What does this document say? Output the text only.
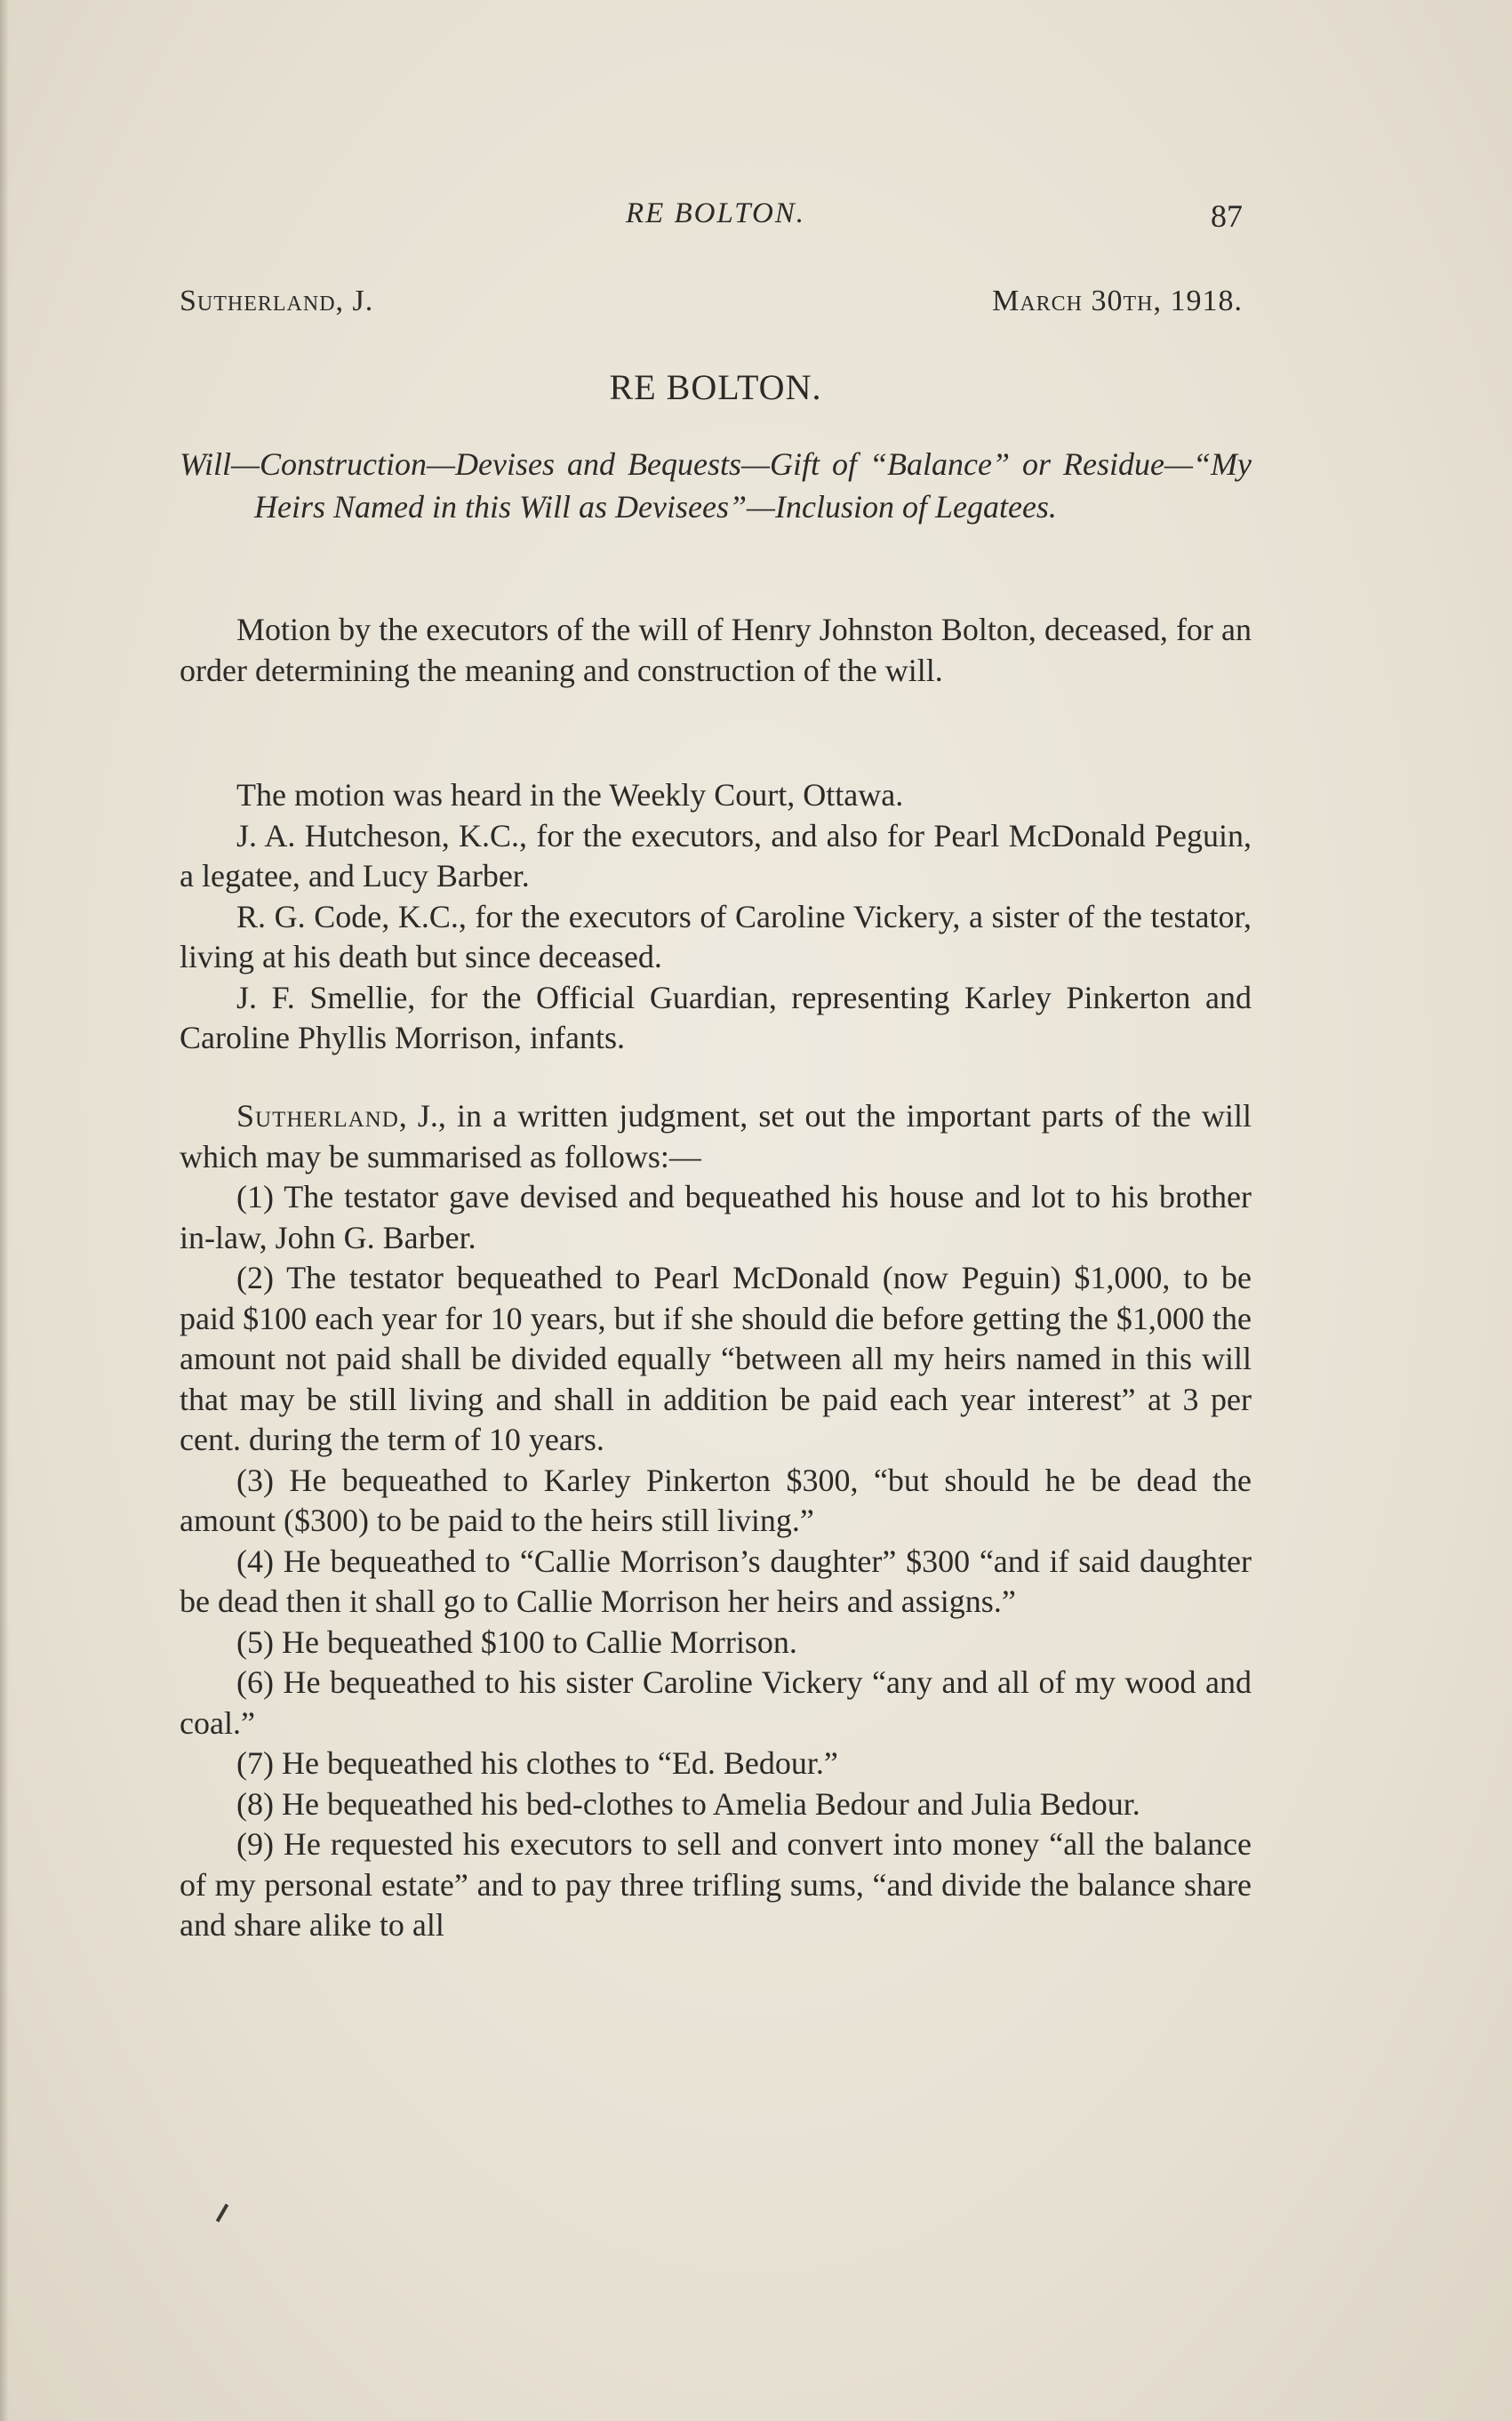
RE BOLTON.	87
Sutherland, J.	March 30th, 1918.
RE BOLTON.
Will—Construction—Devises and Bequests—Gift of “Balance” or Residue—“My Heirs Named in this Will as Devisees”—Inclusion of Legatees.

Motion by the executors of the will of Henry Johnston Bolton, deceased, for an order determining the meaning and construction of the will.

The motion was heard in the Weekly Court, Ottawa.

J. A. Hutcheson, K.C., for the executors, and also for Pearl McDonald Peguin, a legatee, and Lucy Barber.

R. G. Code, K.C., for the executors of Caroline Vickery, a sister of the testator, living at his death but since deceased.

J. F. Smellie, for the Official Guardian, representing Karley Pinkerton and Caroline Phyllis Morrison, infants.

Sutherland, J., in a written judgment, set out the important parts of the will which may be summarised as follows:—

(1) The testator gave devised and bequeathed his house and lot to his brother in-law, John G. Barber.

(2) The testator bequeathed to Pearl McDonald (now Peguin) $1,000, to be paid $100 each year for 10 years, but if she should die before getting the $1,000 the amount not paid shall be divided equally “between all my heirs named in this will that may be still living and shall in addition be paid each year interest” at 3 per cent. during the term of 10 years.

(3) He bequeathed to Karley Pinkerton $300, “but should he be dead the amount ($300) to be paid to the heirs still living.”

(4) He bequeathed to “Callie Morrison’s daughter” $300 “and if said daughter be dead then it shall go to Callie Morrison her heirs and assigns.”

(5) He bequeathed $100 to Callie Morrison.

(6) He bequeathed to his sister Caroline Vickery “any and all of my wood and coal.”

(7) He bequeathed his clothes to “Ed. Bedour.”

(8) He bequeathed his bed-clothes to Amelia Bedour and Julia Bedour.

(9) He requested his executors to sell and convert into money “all the balance of my personal estate” and to pay three trifling sums, “and divide the balance share and share alike to all
